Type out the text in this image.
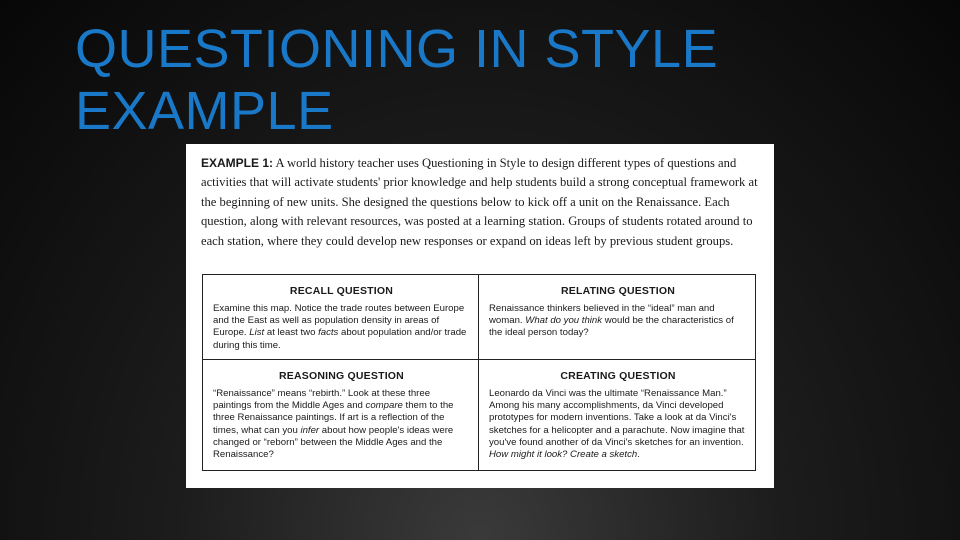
QUESTIONING IN STYLE
EXAMPLE

EXAMPLE 1: A world history teacher uses Questioning in Style to design different types of questions and activities that will activate students' prior knowledge and help students build a strong conceptual framework at the beginning of new units. She designed the questions below to kick off a unit on the Renaissance. Each question, along with relevant resources, was posted at a learning station. Groups of students rotated around to each station, where they could develop new responses or expand on ideas left by previous student groups.

RECALL QUESTION

Examine this map. Notice the trade routes between Europe and the East as well as population density in areas of Europe. List at least two facts about population and/or trade during this time.

RELATING QUESTION

Renaissance thinkers believed in the “ideal” man and woman. What do you think would be the characteristics of the ideal person today?

REASONING QUESTION

“Renaissance” means “rebirth.” Look at these three paintings from the Middle Ages and compare them to the three Renaissance paintings. If art is a reflection of the times, what can you infer about how people's ideas were changed or “reborn” between the Middle Ages and the Renaissance?

CREATING QUESTION

Leonardo da Vinci was the ultimate “Renaissance Man.” Among his many accomplishments, da Vinci developed prototypes for modern inventions. Take a look at da Vinci's sketches for a helicopter and a parachute. Now imagine that you've found another of da Vinci's sketches for an invention. How might it look? Create a sketch.
